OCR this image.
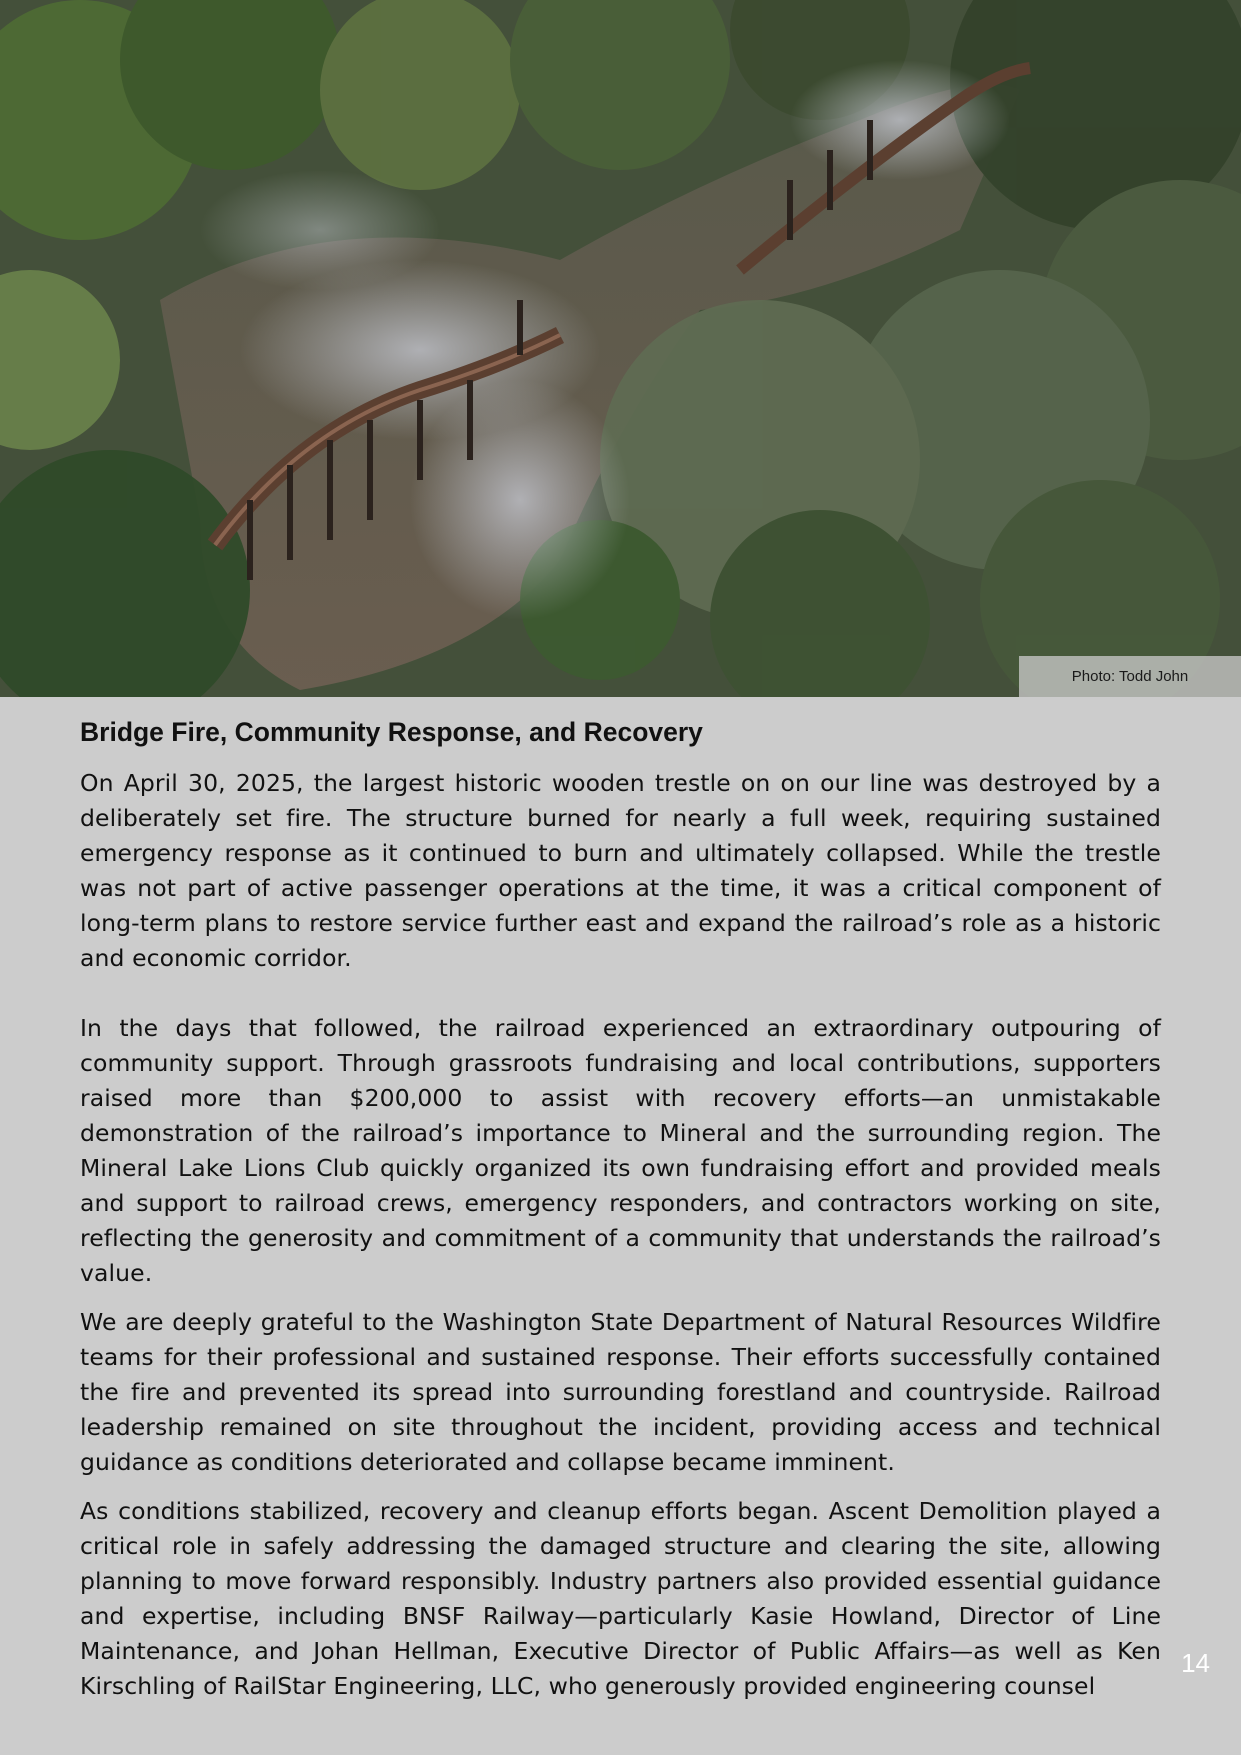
Photo: Todd John
Bridge Fire, Community Response, and Recovery

On April 30, 2025, the largest historic wooden trestle on on our line was destroyed by a deliberately set fire. The structure burned for nearly a full week, requiring sustained emergency response as it continued to burn and ultimately collapsed. While the trestle was not part of active passenger operations at the time, it was a critical component of long-term plans to restore service further east and expand the railroad’s role as a historic and economic corridor.

In the days that followed, the railroad experienced an extraordinary outpouring of community support. Through grassroots fundraising and local contributions, supporters raised more than $200,000 to assist with recovery efforts—an unmistakable demonstration of the railroad’s importance to Mineral and the surrounding region. The Mineral Lake Lions Club quickly organized its own fundraising effort and provided meals and support to railroad crews, emergency responders, and contractors working on site, reflecting the generosity and commitment of a community that understands the railroad’s value.

We are deeply grateful to the Washington State Department of Natural Resources Wildfire teams for their professional and sustained response. Their efforts successfully contained the fire and prevented its spread into surrounding forestland and countryside. Railroad leadership remained on site throughout the incident, providing access and technical guidance as conditions deteriorated and collapse became imminent.

As conditions stabilized, recovery and cleanup efforts began. Ascent Demolition played a critical role in safely addressing the damaged structure and clearing the site, allowing planning to move forward responsibly. Industry partners also provided essential guidance and expertise, including BNSF Railway—particularly Kasie Howland, Director of Line Maintenance, and Johan Hellman, Executive Director of Public Affairs—as well as Ken Kirschling of RailStar Engineering, LLC, who generously provided engineering counsel

14
